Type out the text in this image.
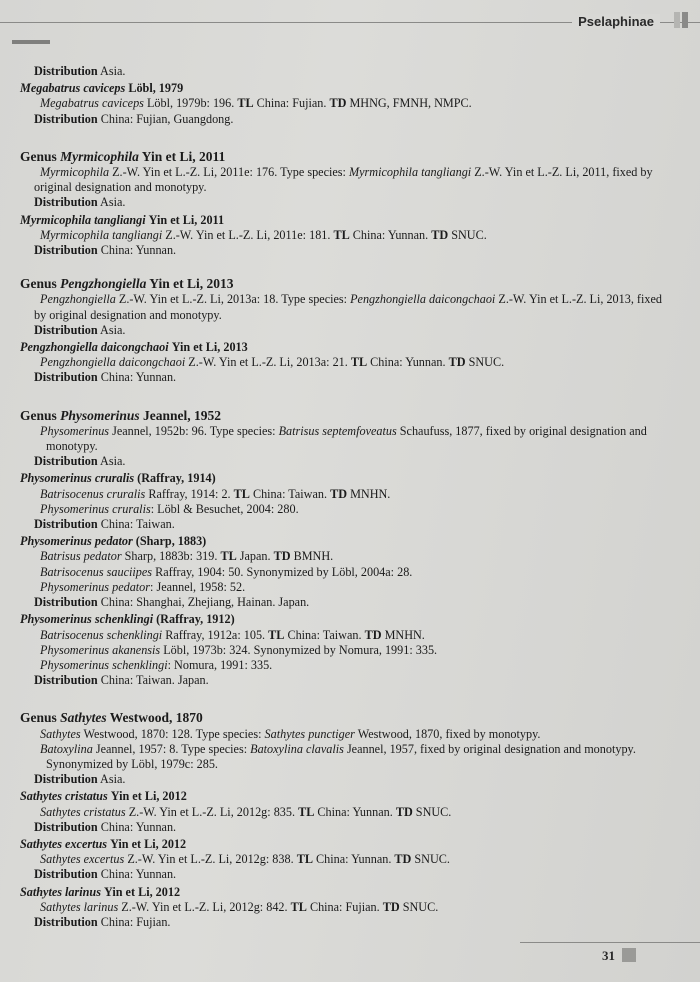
Pselaphinae
Distribution Asia.
Megabatrus caviceps Löbl, 1979
Megabatrus caviceps Löbl, 1979b: 196. TL China: Fujian. TD MHNG, FMNH, NMPC.
Distribution China: Fujian, Guangdong.
Genus Myrmicophila Yin et Li, 2011
Myrmicophila Z.-W. Yin et L.-Z. Li, 2011e: 176. Type species: Myrmicophila tangliangi Z.-W. Yin et L.-Z. Li, 2011, fixed by
original designation and monotypy.
Distribution Asia.
Myrmicophila tangliangi Yin et Li, 2011
Myrmicophila tangliangi Z.-W. Yin et L.-Z. Li, 2011e: 181. TL China: Yunnan. TD SNUC.
Distribution China: Yunnan.
Genus Pengzhongiella Yin et Li, 2013
Pengzhongiella Z.-W. Yin et L.-Z. Li, 2013a: 18. Type species: Pengzhongiella daicongchaoi Z.-W. Yin et L.-Z. Li, 2013, fixed
by original designation and monotypy.
Distribution Asia.
Pengzhongiella daicongchaoi Yin et Li, 2013
Pengzhongiella daicongchaoi Z.-W. Yin et L.-Z. Li, 2013a: 21. TL China: Yunnan. TD SNUC.
Distribution China: Yunnan.
Genus Physomerinus Jeannel, 1952
Physomerinus Jeannel, 1952b: 96. Type species: Batrisus septemfoveatus Schaufuss, 1877, fixed by original designation and
monotypy.
Distribution Asia.
Physomerinus cruralis (Raffray, 1914)
Batrisocenus cruralis Raffray, 1914: 2. TL China: Taiwan. TD MNHN.
Physomerinus cruralis: Löbl & Besuchet, 2004: 280.
Distribution China: Taiwan.
Physomerinus pedator (Sharp, 1883)
Batrisus pedator Sharp, 1883b: 319. TL Japan. TD BMNH.
Batrisocenus sauciipes Raffray, 1904: 50. Synonymized by Löbl, 2004a: 28.
Physomerinus pedator: Jeannel, 1958: 52.
Distribution China: Shanghai, Zhejiang, Hainan. Japan.
Physomerinus schenklingi (Raffray, 1912)
Batrisocenus schenklingi Raffray, 1912a: 105. TL China: Taiwan. TD MNHN.
Physomerinus akanensis Löbl, 1973b: 324. Synonymized by Nomura, 1991: 335.
Physomerinus schenklingi: Nomura, 1991: 335.
Distribution China: Taiwan. Japan.
Genus Sathytes Westwood, 1870
Sathytes Westwood, 1870: 128. Type species: Sathytes punctiger Westwood, 1870, fixed by monotypy.
Batoxylina Jeannel, 1957: 8. Type species: Batoxylina clavalis Jeannel, 1957, fixed by original designation and monotypy.
Synonymized by Löbl, 1979c: 285.
Distribution Asia.
Sathytes cristatus Yin et Li, 2012
Sathytes cristatus Z.-W. Yin et L.-Z. Li, 2012g: 835. TL China: Yunnan. TD SNUC.
Distribution China: Yunnan.
Sathytes excertus Yin et Li, 2012
Sathytes excertus Z.-W. Yin et L.-Z. Li, 2012g: 838. TL China: Yunnan. TD SNUC.
Distribution China: Yunnan.
Sathytes larinus Yin et Li, 2012
Sathytes larinus Z.-W. Yin et L.-Z. Li, 2012g: 842. TL China: Fujian. TD SNUC.
Distribution China: Fujian.
31
